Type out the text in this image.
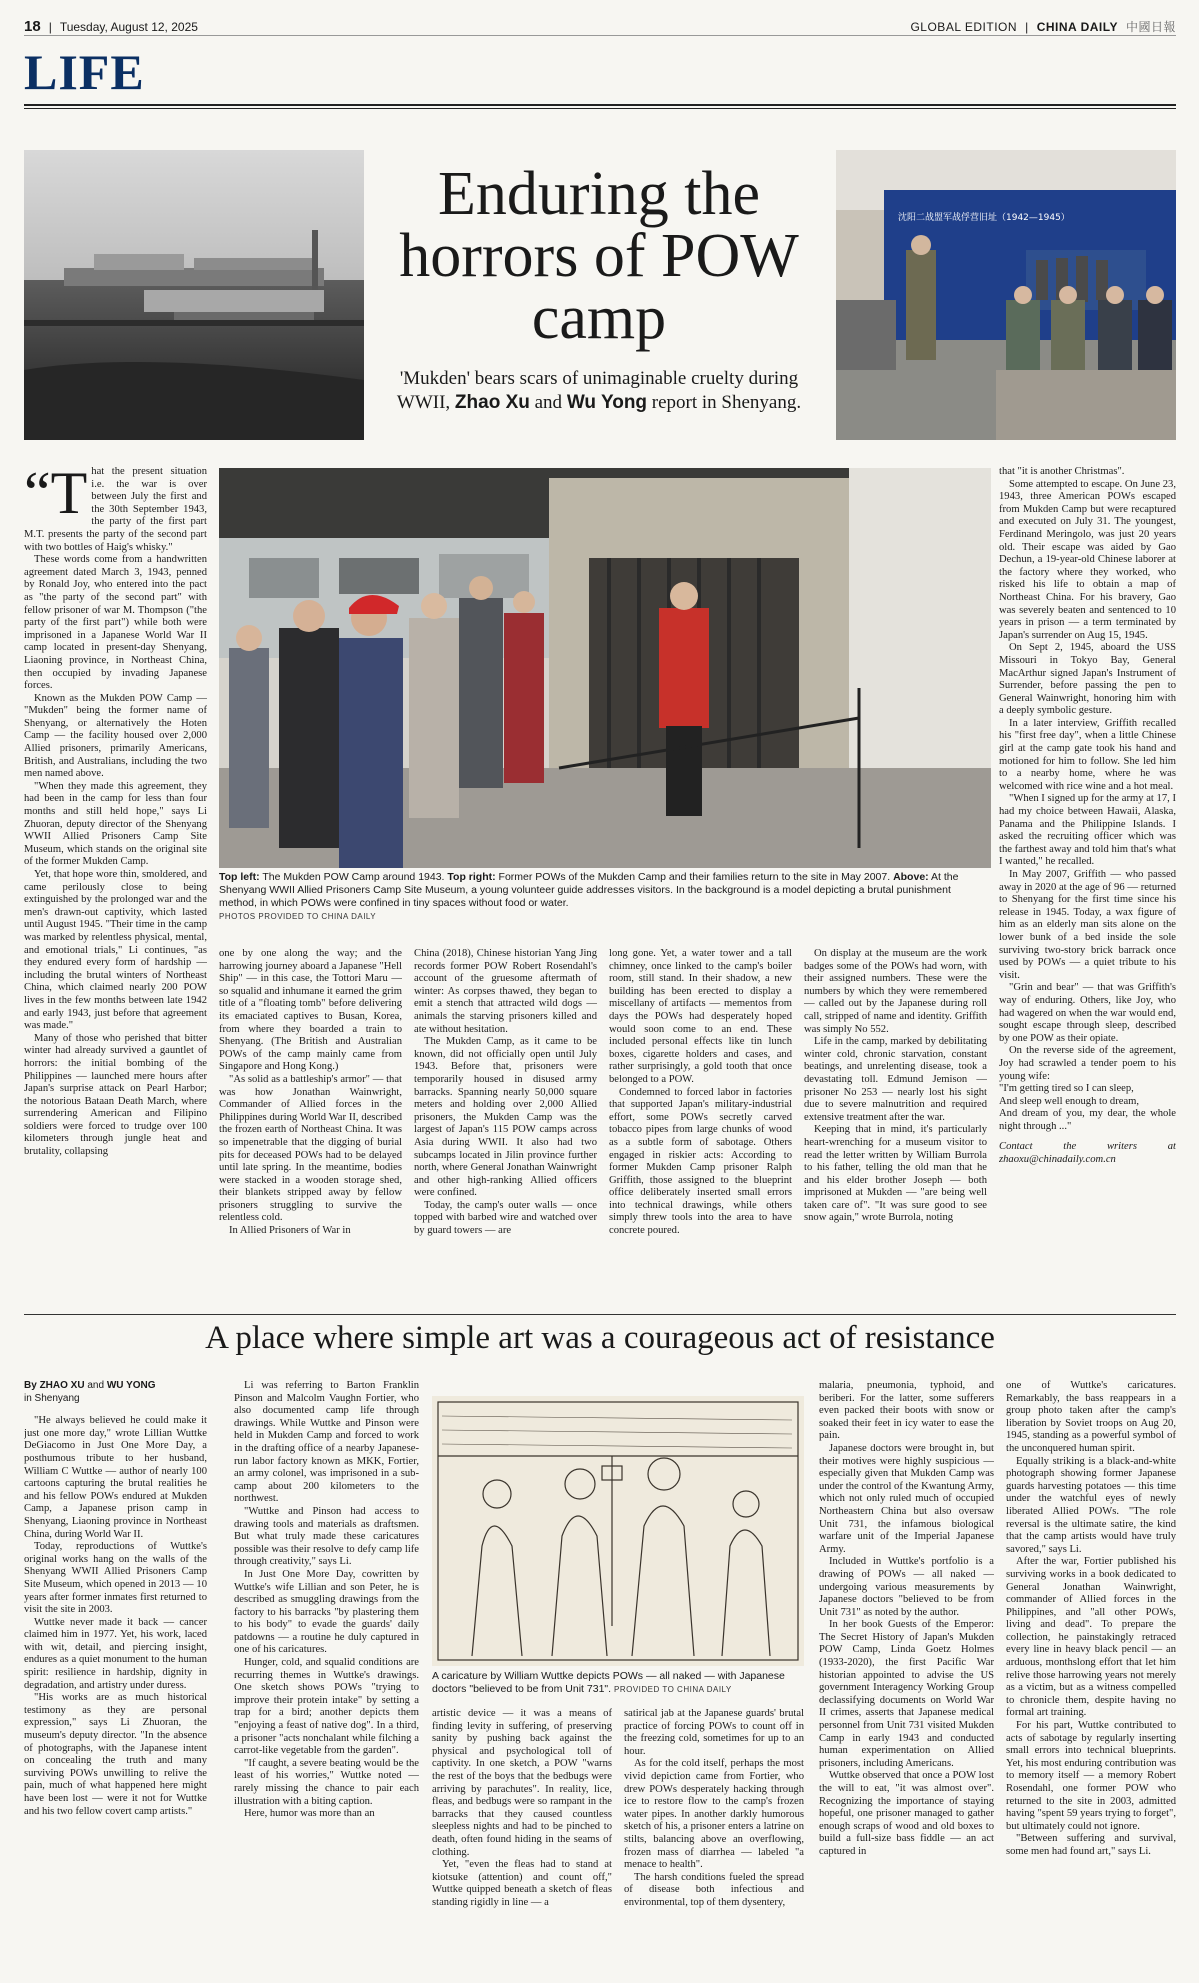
18 | Tuesday, August 12, 2025	GLOBAL EDITION | CHINA DAILY 中國日報
LIFE
Enduring the horrors of POW camp
'Mukden' bears scars of unimaginable cruelty during WWII, Zhao Xu and Wu Yong report in Shenyang.
沈阳二战盟军战俘营旧址（1942—1945）
Top left: The Mukden POW Camp around 1943. Top right: Former POWs of the Mukden Camp and their families return to the site in May 2007. Above: At the Shenyang WWII Allied Prisoners Camp Site Museum, a young volunteer guide addresses visitors. In the background is a model depicting a brutal punishment method, in which POWs were confined in tiny spaces without food or water.
PHOTOS PROVIDED TO CHINA DAILY
“T hat the present situation i.e. the war is over between July the first and the 30th September 1943, the party of the first part M.T. presents the party of the second part with two bottles of Haig's whisky."

These words come from a handwritten agreement dated March 3, 1943, penned by Ronald Joy, who entered into the pact as "the party of the second part" with fellow prisoner of war M. Thompson ("the party of the first part") while both were imprisoned in a Japanese World War II camp located in present-day Shenyang, Liaoning province, in Northeast China, then occupied by invading Japanese forces.

Known as the Mukden POW Camp — "Mukden" being the former name of Shenyang, or alternatively the Hoten Camp — the facility housed over 2,000 Allied prisoners, primarily Americans, British, and Australians, including the two men named above.

"When they made this agreement, they had been in the camp for less than four months and still held hope," says Li Zhuoran, deputy director of the Shenyang WWII Allied Prisoners Camp Site Museum, which stands on the original site of the former Mukden Camp.

Yet, that hope wore thin, smoldered, and came perilously close to being extinguished by the prolonged war and the men's drawn-out captivity, which lasted until August 1945. "Their time in the camp was marked by relentless physical, mental, and emotional trials," Li continues, "as they endured every form of hardship — including the brutal winters of Northeast China, which claimed nearly 200 POW lives in the few months between late 1942 and early 1943, just before that agreement was made."

Many of those who perished that bitter winter had already survived a gauntlet of horrors: the initial bombing of the Philippines — launched mere hours after Japan's surprise attack on Pearl Harbor; the notorious Bataan Death March, where surrendering American and Filipino soldiers were forced to trudge over 100 kilometers through jungle heat and brutality, collapsing

one by one along the way; and the harrowing journey aboard a Japanese "Hell Ship" — in this case, the Tottori Maru — so squalid and inhumane it earned the grim title of a "floating tomb" before delivering its emaciated captives to Busan, Korea, from where they boarded a train to Shenyang. (The British and Australian POWs of the camp mainly came from Singapore and Hong Kong.)

"As solid as a battleship's armor" — that was how Jonathan Wainwright, Commander of Allied forces in the Philippines during World War II, described the frozen earth of Northeast China. It was so impenetrable that the digging of burial pits for deceased POWs had to be delayed until late spring. In the meantime, bodies were stacked in a wooden storage shed, their blankets stripped away by fellow prisoners struggling to survive the relentless cold.

In Allied Prisoners of War in

China (2018), Chinese historian Yang Jing records former POW Robert Rosendahl's account of the gruesome aftermath of winter: As corpses thawed, they began to emit a stench that attracted wild dogs — animals the starving prisoners killed and ate without hesitation.

The Mukden Camp, as it came to be known, did not officially open until July 1943. Before that, prisoners were temporarily housed in disused army barracks. Spanning nearly 50,000 square meters and holding over 2,000 Allied prisoners, the Mukden Camp was the largest of Japan's 115 POW camps across Asia during WWII. It also had two subcamps located in Jilin province further north, where General Jonathan Wainwright and other high-ranking Allied officers were confined.

Today, the camp's outer walls — once topped with barbed wire and watched over by guard towers — are

long gone. Yet, a water tower and a tall chimney, once linked to the camp's boiler room, still stand. In their shadow, a new building has been erected to display a miscellany of artifacts — mementos from days the POWs had desperately hoped would soon come to an end. These included personal effects like tin lunch boxes, cigarette holders and cases, and rather surprisingly, a gold tooth that once belonged to a POW.

Condemned to forced labor in factories that supported Japan's military-industrial effort, some POWs secretly carved tobacco pipes from large chunks of wood as a subtle form of sabotage. Others engaged in riskier acts: According to former Mukden Camp prisoner Ralph Griffith, those assigned to the blueprint office deliberately inserted small errors into technical drawings, while others simply threw tools into the area to have concrete poured.

On display at the museum are the work badges some of the POWs had worn, with their assigned numbers. These were the numbers by which they were remembered — called out by the Japanese during roll call, stripped of name and identity. Griffith was simply No 552.

Life in the camp, marked by debilitating winter cold, chronic starvation, constant beatings, and unrelenting disease, took a devastating toll. Edmund Jemison — prisoner No 253 — nearly lost his sight due to severe malnutrition and required extensive treatment after the war.

Keeping that in mind, it's particularly heart-wrenching for a museum visitor to read the letter written by William Burrola to his father, telling the old man that he and his elder brother Joseph — both imprisoned at Mukden — "are being well taken care of". "It was sure good to see snow again," wrote Burrola, noting

that "it is another Christmas".

Some attempted to escape. On June 23, 1943, three American POWs escaped from Mukden Camp but were recaptured and executed on July 31. The youngest, Ferdinand Meringolo, was just 20 years old. Their escape was aided by Gao Dechun, a 19-year-old Chinese laborer at the factory where they worked, who risked his life to obtain a map of Northeast China. For his bravery, Gao was severely beaten and sentenced to 10 years in prison — a term terminated by Japan's surrender on Aug 15, 1945.

On Sept 2, 1945, aboard the USS Missouri in Tokyo Bay, General MacArthur signed Japan's Instrument of Surrender, before passing the pen to General Wainwright, honoring him with a deeply symbolic gesture.

In a later interview, Griffith recalled his "first free day", when a little Chinese girl at the camp gate took his hand and motioned for him to follow. She led him to a nearby home, where he was welcomed with rice wine and a hot meal.

"When I signed up for the army at 17, I had my choice between Hawaii, Alaska, Panama and the Philippine Islands. I asked the recruiting officer which was the farthest away and told him that's what I wanted," he recalled.

In May 2007, Griffith — who passed away in 2020 at the age of 96 — returned to Shenyang for the first time since his release in 1945. Today, a wax figure of him as an elderly man sits alone on the lower bunk of a bed inside the sole surviving two-story brick barrack once used by POWs — a quiet tribute to his visit.

"Grin and bear" — that was Griffith's way of enduring. Others, like Joy, who had wagered on when the war would end, sought escape through sleep, described by one POW as their opiate.

On the reverse side of the agreement, Joy had scrawled a tender poem to his young wife:

"I'm getting tired so I can sleep,

And sleep well enough to dream,

And dream of you, my dear, the whole night through ..."

Contact the writers at zhaoxu@chinadaily.com.cn

A place where simple art was a courageous act of resistance
By ZHAO XU and WU YONG
in Shenyang

"He always believed he could make it just one more day," wrote Lillian Wuttke DeGiacomo in Just One More Day, a posthumous tribute to her husband, William C Wuttke — author of nearly 100 cartoons capturing the brutal realities he and his fellow POWs endured at Mukden Camp, a Japanese prison camp in Shenyang, Liaoning province in Northeast China, during World War II.

Today, reproductions of Wuttke's original works hang on the walls of the Shenyang WWII Allied Prisoners Camp Site Museum, which opened in 2013 — 10 years after former inmates first returned to visit the site in 2003.

Wuttke never made it back — cancer claimed him in 1977. Yet, his work, laced with wit, detail, and piercing insight, endures as a quiet monument to the human spirit: resilience in hardship, dignity in degradation, and artistry under duress.

"His works are as much historical testimony as they are personal expression," says Li Zhuoran, the museum's deputy director. "In the absence of photographs, with the Japanese intent on concealing the truth and many surviving POWs unwilling to relive the pain, much of what happened here might have been lost — were it not for Wuttke and his two fellow covert camp artists."

Li was referring to Barton Franklin Pinson and Malcolm Vaughn Fortier, who also documented camp life through drawings. While Wuttke and Pinson were held in Mukden Camp and forced to work in the drafting office of a nearby Japanese-run labor factory known as MKK, Fortier, an army colonel, was imprisoned in a sub-camp about 200 kilometers to the northwest.

"Wuttke and Pinson had access to drawing tools and materials as draftsmen. But what truly made these caricatures possible was their resolve to defy camp life through creativity," says Li.

In Just One More Day, cowritten by Wuttke's wife Lillian and son Peter, he is described as smuggling drawings from the factory to his barracks "by plastering them to his body" to evade the guards' daily patdowns — a routine he duly captured in one of his caricatures.

Hunger, cold, and squalid conditions are recurring themes in Wuttke's drawings. One sketch shows POWs "trying to improve their protein intake" by setting a trap for a bird; another depicts them "enjoying a feast of native dog". In a third, a prisoner "acts nonchalant while filching a carrot-like vegetable from the garden".

"If caught, a severe beating would be the least of his worries," Wuttke noted — rarely missing the chance to pair each illustration with a biting caption.

Here, humor was more than an

A caricature by William Wuttke depicts POWs — all naked — with Japanese doctors "believed to be from Unit 731". PROVIDED TO CHINA DAILY

artistic device — it was a means of finding levity in suffering, of preserving sanity by pushing back against the physical and psychological toll of captivity. In one sketch, a POW "warns the rest of the boys that the bedbugs were arriving by parachutes". In reality, lice, fleas, and bedbugs were so rampant in the barracks that they caused countless sleepless nights and had to be pinched to death, often found hiding in the seams of clothing.

Yet, "even the fleas had to stand at kiotsuke (attention) and count off," Wuttke quipped beneath a sketch of fleas standing rigidly in line — a

satirical jab at the Japanese guards' brutal practice of forcing POWs to count off in the freezing cold, sometimes for up to an hour.

As for the cold itself, perhaps the most vivid depiction came from Fortier, who drew POWs desperately hacking through ice to restore flow to the camp's frozen water pipes. In another darkly humorous sketch of his, a prisoner enters a latrine on stilts, balancing above an overflowing, frozen mass of diarrhea — labeled "a menace to health".

The harsh conditions fueled the spread of disease both infectious and environmental, top of them dysentery,

malaria, pneumonia, typhoid, and beriberi. For the latter, some sufferers even packed their boots with snow or soaked their feet in icy water to ease the pain.

Japanese doctors were brought in, but their motives were highly suspicious — especially given that Mukden Camp was under the control of the Kwantung Army, which not only ruled much of occupied Northeastern China but also oversaw Unit 731, the infamous biological warfare unit of the Imperial Japanese Army.

Included in Wuttke's portfolio is a drawing of POWs — all naked — undergoing various measurements by Japanese doctors "believed to be from Unit 731" as noted by the author.

In her book Guests of the Emperor: The Secret History of Japan's Mukden POW Camp, Linda Goetz Holmes (1933-2020), the first Pacific War historian appointed to advise the US government Interagency Working Group declassifying documents on World War II crimes, asserts that Japanese medical personnel from Unit 731 visited Mukden Camp in early 1943 and conducted human experimentation on Allied prisoners, including Americans.

Wuttke observed that once a POW lost the will to eat, "it was almost over". Recognizing the importance of staying hopeful, one prisoner managed to gather enough scraps of wood and old boxes to build a full-size bass fiddle — an act captured in

one of Wuttke's caricatures. Remarkably, the bass reappears in a group photo taken after the camp's liberation by Soviet troops on Aug 20, 1945, standing as a powerful symbol of the unconquered human spirit.

Equally striking is a black-and-white photograph showing former Japanese guards harvesting potatoes — this time under the watchful eyes of newly liberated Allied POWs. "The role reversal is the ultimate satire, the kind that the camp artists would have truly savored," says Li.

After the war, Fortier published his surviving works in a book dedicated to General Jonathan Wainwright, commander of Allied forces in the Philippines, and "all other POWs, living and dead". To prepare the collection, he painstakingly retraced every line in heavy black pencil — an arduous, monthslong effort that let him relive those harrowing years not merely as a victim, but as a witness compelled to chronicle them, despite having no formal art training.

For his part, Wuttke contributed to acts of sabotage by regularly inserting small errors into technical blueprints. Yet, his most enduring contribution was to memory itself — a memory Robert Rosendahl, one former POW who returned to the site in 2003, admitted having "spent 59 years trying to forget", but ultimately could not ignore.

"Between suffering and survival, some men had found art," says Li.
